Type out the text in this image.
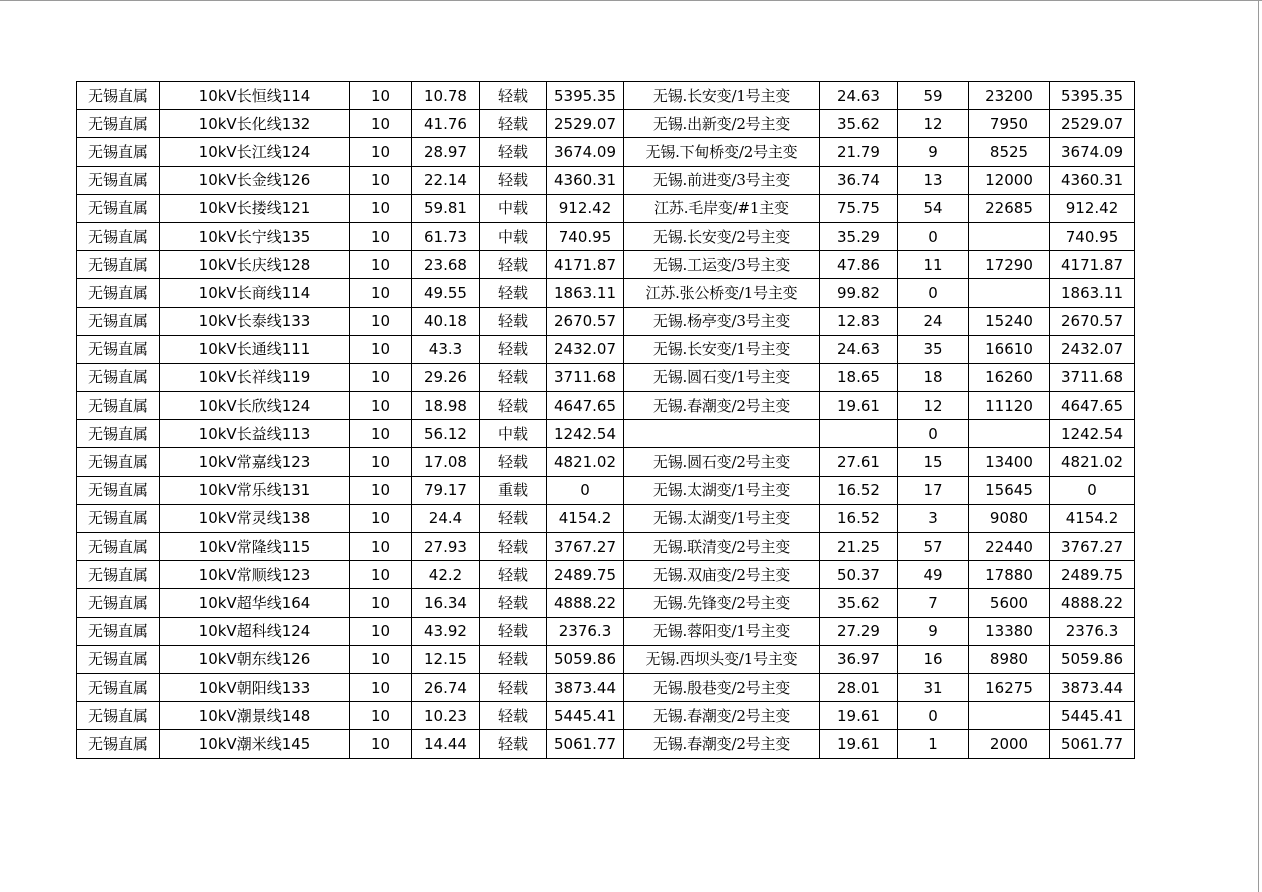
无锡直属	10kV长恒线114	10	10.78	轻载	5395.35	无锡.长安变/1号主变	24.63	59	23200	5395.35
无锡直属	10kV长化线132	10	41.76	轻载	2529.07	无锡.出新变/2号主变	35.62	12	7950	2529.07
无锡直属	10kV长江线124	10	28.97	轻载	3674.09	无锡.下甸桥变/2号主变	21.79	9	8525	3674.09
无锡直属	10kV长金线126	10	22.14	轻载	4360.31	无锡.前进变/3号主变	36.74	13	12000	4360.31
无锡直属	10kV长搂线121	10	59.81	中载	912.42	江苏.毛岸变/#1主变	75.75	54	22685	912.42
无锡直属	10kV长宁线135	10	61.73	中载	740.95	无锡.长安变/2号主变	35.29	0		740.95
无锡直属	10kV长庆线128	10	23.68	轻载	4171.87	无锡.工运变/3号主变	47.86	11	17290	4171.87
无锡直属	10kV长商线114	10	49.55	轻载	1863.11	江苏.张公桥变/1号主变	99.82	0		1863.11
无锡直属	10kV长泰线133	10	40.18	轻载	2670.57	无锡.杨亭变/3号主变	12.83	24	15240	2670.57
无锡直属	10kV长通线111	10	43.3	轻载	2432.07	无锡.长安变/1号主变	24.63	35	16610	2432.07
无锡直属	10kV长祥线119	10	29.26	轻载	3711.68	无锡.圆石变/1号主变	18.65	18	16260	3711.68
无锡直属	10kV长欣线124	10	18.98	轻载	4647.65	无锡.春潮变/2号主变	19.61	12	11120	4647.65
无锡直属	10kV长益线113	10	56.12	中载	1242.54			0		1242.54
无锡直属	10kV常嘉线123	10	17.08	轻载	4821.02	无锡.圆石变/2号主变	27.61	15	13400	4821.02
无锡直属	10kV常乐线131	10	79.17	重载	0	无锡.太湖变/1号主变	16.52	17	15645	0
无锡直属	10kV常灵线138	10	24.4	轻载	4154.2	无锡.太湖变/1号主变	16.52	3	9080	4154.2
无锡直属	10kV常隆线115	10	27.93	轻载	3767.27	无锡.联清变/2号主变	21.25	57	22440	3767.27
无锡直属	10kV常顺线123	10	42.2	轻载	2489.75	无锡.双庙变/2号主变	50.37	49	17880	2489.75
无锡直属	10kV超华线164	10	16.34	轻载	4888.22	无锡.先锋变/2号主变	35.62	7	5600	4888.22
无锡直属	10kV超科线124	10	43.92	轻载	2376.3	无锡.蓉阳变/1号主变	27.29	9	13380	2376.3
无锡直属	10kV朝东线126	10	12.15	轻载	5059.86	无锡.西坝头变/1号主变	36.97	16	8980	5059.86
无锡直属	10kV朝阳线133	10	26.74	轻载	3873.44	无锡.殷巷变/2号主变	28.01	31	16275	3873.44
无锡直属	10kV潮景线148	10	10.23	轻载	5445.41	无锡.春潮变/2号主变	19.61	0		5445.41
无锡直属	10kV潮米线145	10	14.44	轻载	5061.77	无锡.春潮变/2号主变	19.61	1	2000	5061.77
